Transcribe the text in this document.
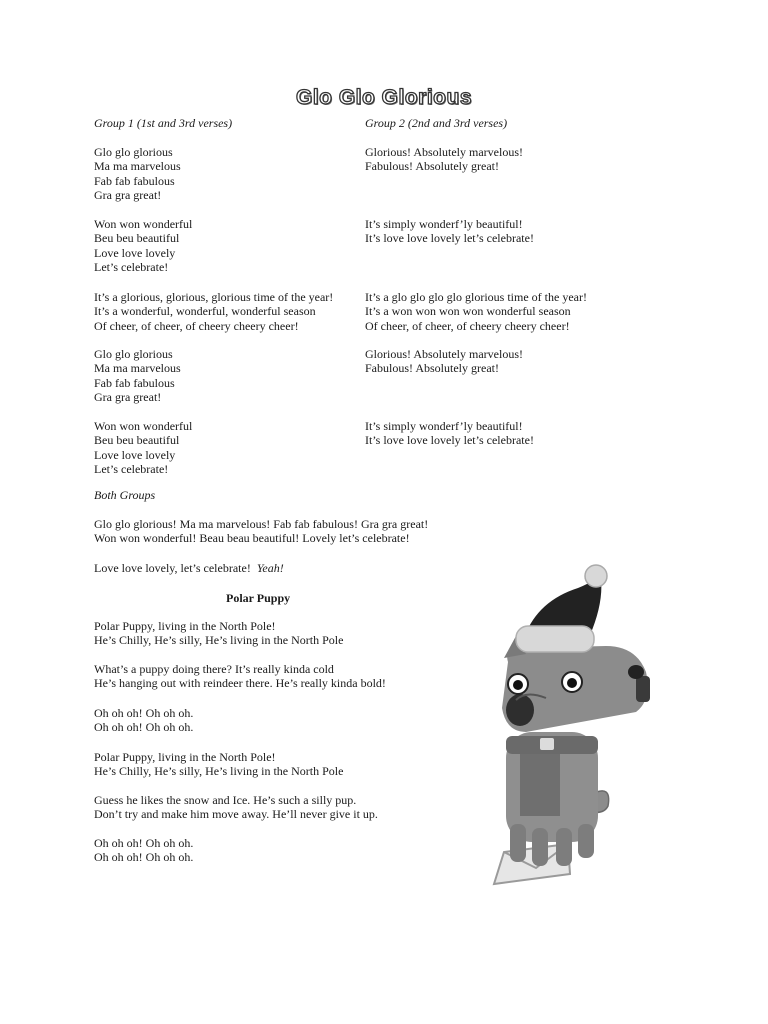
Glo Glo Glorious
Group 1 (1st and 3rd verses)	Group 2 (2nd and 3rd verses)
Glo glo glorious
Ma ma marvelous
Fab fab fabulous
Gra gra great!
Glorious! Absolutely marvelous!
Fabulous! Absolutely great!
Won won wonderful
Beu beu beautiful
Love love lovely
Let’s celebrate!
It’s simply wonderf’ly beautiful!
It’s love love lovely let’s celebrate!
It’s a glorious, glorious, glorious time of the year!
It’s a wonderful, wonderful, wonderful season
Of cheer, of cheer, of cheery cheery cheer!
It’s a glo glo glo glo glorious time of the year!
It’s a won won won won wonderful season
Of cheer, of cheer, of cheery cheery cheer!
Glo glo glorious
Ma ma marvelous
Fab fab fabulous
Gra gra great!
Glorious! Absolutely marvelous!
Fabulous! Absolutely great!
Won won wonderful
Beu beu beautiful
Love love lovely
Let’s celebrate!
It’s simply wonderf’ly beautiful!
It’s love love lovely let’s celebrate!
Both Groups
Glo glo glorious! Ma ma marvelous! Fab fab fabulous! Gra gra great!
Won won wonderful! Beau beau beautiful! Lovely let’s celebrate!
Love love lovely, let’s celebrate! Yeah!
Polar Puppy
Polar Puppy, living in the North Pole!
He’s Chilly, He’s silly, He’s living in the North Pole
What’s a puppy doing there? It’s really kinda cold
He’s hanging out with reindeer there. He’s really kinda bold!
Oh oh oh! Oh oh oh.
Oh oh oh! Oh oh oh.
Polar Puppy, living in the North Pole!
He’s Chilly, He’s silly, He’s living in the North Pole
Guess he likes the snow and Ice. He’s such a silly pup.
Don’t try and make him move away. He’ll never give it up.
Oh oh oh! Oh oh oh.
Oh oh oh! Oh oh oh.
